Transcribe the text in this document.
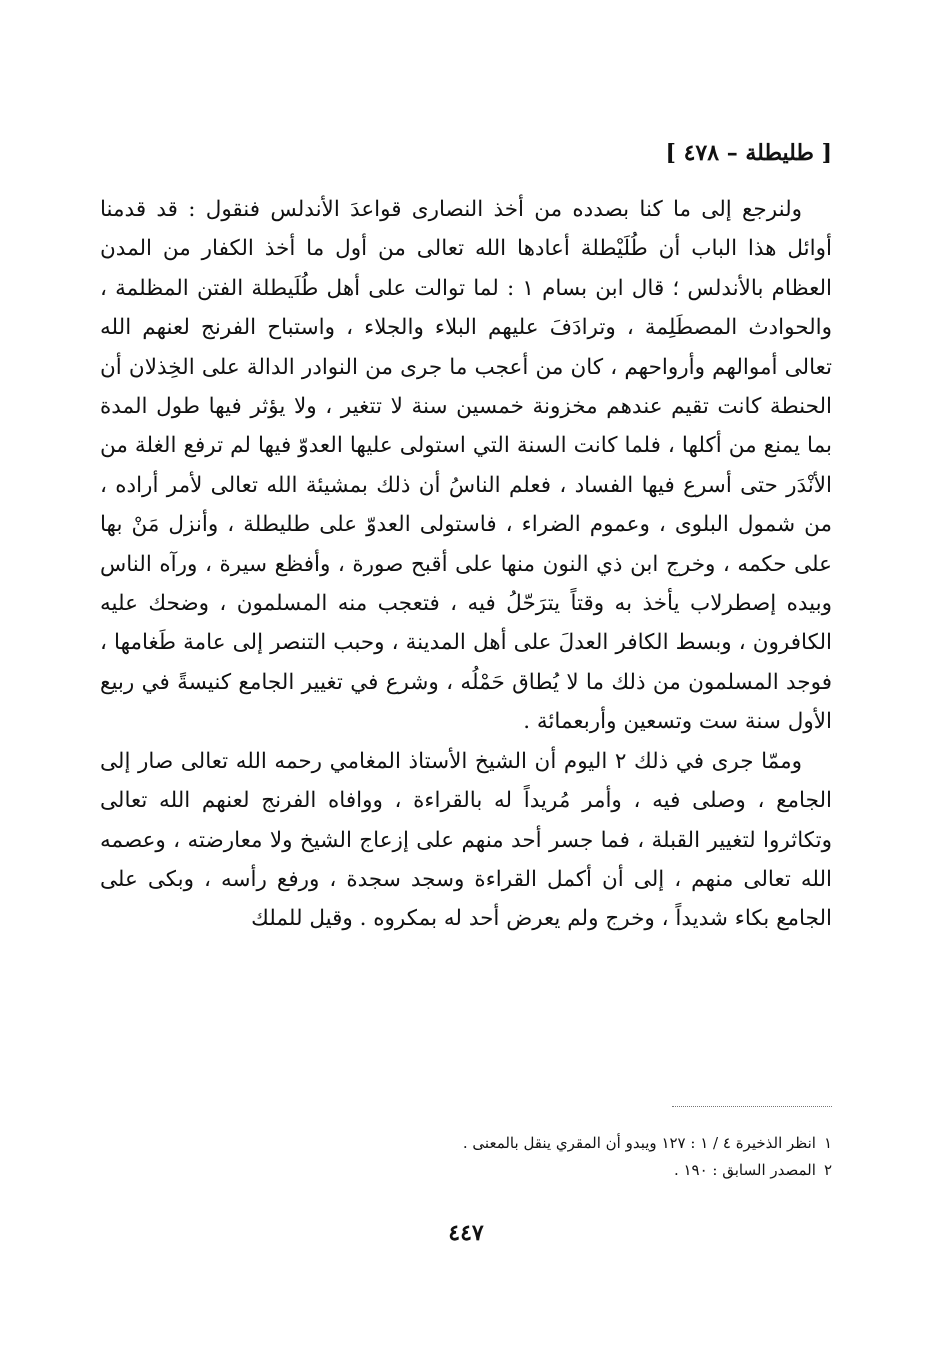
[ طليطلة – ٤٧٨ ]

ولنرجع إلى ما كنا بصدده من أخذ النصارى قواعدَ الأندلس فنقول : قد قدمنا أوائل هذا الباب أن طُلَيْطلة أعادها الله تعالى من أول ما أخذ الكفار من المدن العظام بالأندلس ؛ قال ابن بسام ١ : لما توالت على أهل طُلَيطلة الفتن المظلمة ، والحوادث المصطَلِمة ، وترادَفَ عليهم البلاء والجلاء ، واستباح الفرنج لعنهم الله تعالى أموالهم وأرواحهم ، كان من أعجب ما جرى من النوادر الدالة على الخِذلان أن الحنطة كانت تقيم عندهم مخزونة خمسين سنة لا تتغير ، ولا يؤثر فيها طول المدة بما يمنع من أكلها ، فلما كانت السنة التي استولى عليها العدوّ فيها لم ترفع الغلة من الأنْدَر حتى أسرع فيها الفساد ، فعلم الناسُ أن ذلك بمشيئة الله تعالى لأمر أراده ، من شمول البلوى ، وعموم الضراء ، فاستولى العدوّ على طليطلة ، وأنزل مَنْ بها على حكمه ، وخرج ابن ذي النون منها على أقبح صورة ، وأفظع سيرة ، ورآه الناس وبيده إصطرلاب يأخذ به وقتاً يترَحّلُ فيه ، فتعجب منه المسلمون ، وضحك عليه الكافرون ، وبسط الكافر العدلَ على أهل المدينة ، وحبب التنصر إلى عامة طَغامها ، فوجد المسلمون من ذلك ما لا يُطاق حَمْلُه ، وشرع في تغيير الجامع كنيسةً في ربيع الأول سنة ست وتسعين وأربعمائة .

وممّا جرى في ذلك ٢ اليوم أن الشيخ الأستاذ المغامي رحمه الله تعالى صار إلى الجامع ، وصلى فيه ، وأمر مُريداً له بالقراءة ، ووافاه الفرنج لعنهم الله تعالى وتكاثروا لتغيير القبلة ، فما جسر أحد منهم على إزعاج الشيخ ولا معارضته ، وعصمه الله تعالى منهم ، إلى أن أكمل القراءة وسجد سجدة ، ورفع رأسه ، وبكى على الجامع بكاء شديداً ، وخرج ولم يعرض أحد له بمكروه . وقيل للملك

١انظر الذخيرة ٤ / ١ : ١٢٧ ويبدو أن المقري ينقل بالمعنى .
٢المصدر السابق : ١٩٠ .
٤٤٧
